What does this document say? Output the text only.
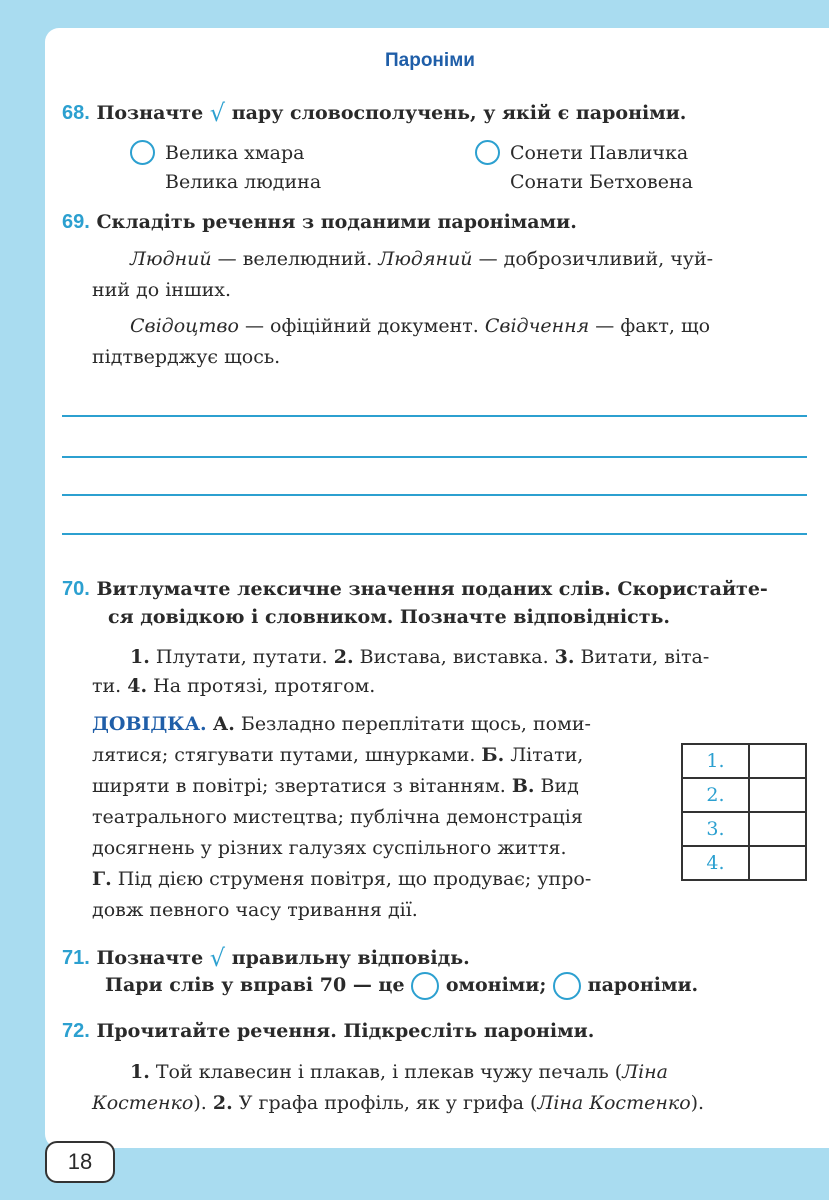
Пароніми
68. Позначте √ пару словосполучень, у якій є пароніми.
Велика хмара
Велика людина
Сонети Павличка
Сонати Бетховена
69. Складіть речення з поданими паронімами.
Людний — велелюдний. Людяний — доброзичливий, чуй-
ний до інших.
Свідоцтво — офіційний документ. Свідчення — факт, що
підтверджує щось.
70. Витлумачте лексичне значення поданих слів. Скористайте-
ся довідкою і словником. Позначте відповідність.
1. Плутати, путати. 2. Вистава, виставка. 3. Витати, віта-
ти. 4. На протязі, протягом.
ДОВІДКА. А. Безладно переплітати щось, поми-
лятися; стягувати путами, шнурками. Б. Літати,
ширяти в повітрі; звертатися з вітанням. В. Вид
театрального мистецтва; публічна демонстрація
досягнень у різних галузях суспільного життя.
Г. Під дією струменя повітря, що продуває; упро-
довж певного часу тривання дії.
1.	
2.	
3.	
4.	
71. Позначте √ правильну відповідь.
Пари слів у вправі 70 — це омоніми; пароніми.
72. Прочитайте речення. Підкресліть пароніми.
1. Той клавесин і плакав, і плекав чужу печаль (Ліна
Костенко). 2. У графа профіль, як у грифа (Ліна Костенко).
18
